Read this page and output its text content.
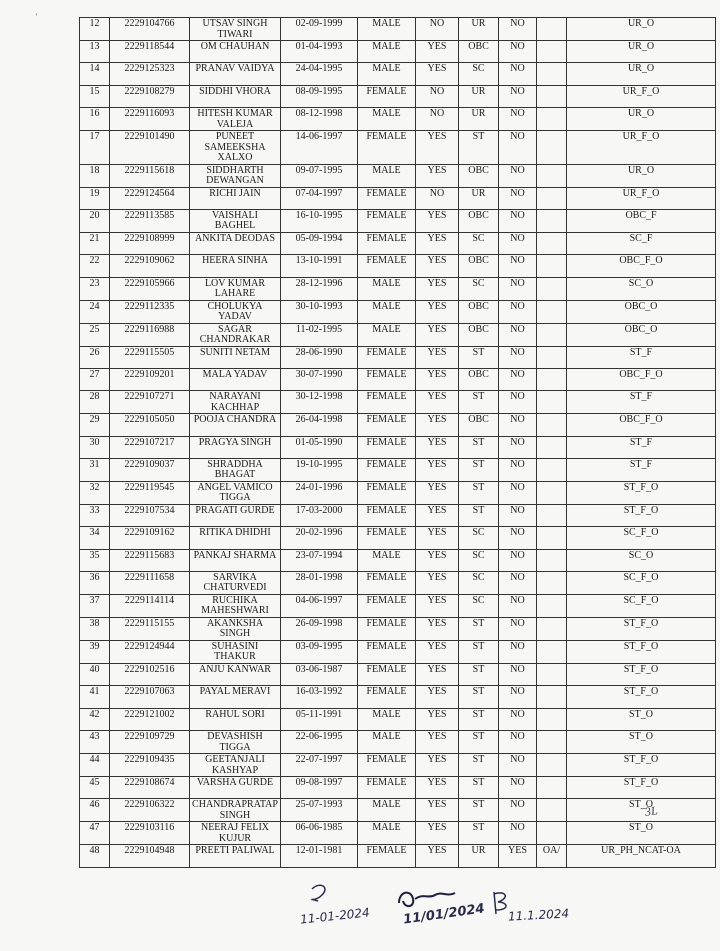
'
12	2229104766	UTSAV SINGH TIWARI	02-09-1999	MALE	NO	UR	NO		UR_O
13	2229118544	OM CHAUHAN	01-04-1993	MALE	YES	OBC	NO		UR_O
14	2229125323	PRANAV VAIDYA	24-04-1995	MALE	YES	SC	NO		UR_O
15	2229108279	SIDDHI VHORA	08-09-1995	FEMALE	NO	UR	NO		UR_F_O
16	2229116093	HITESH KUMAR VALEJA	08-12-1998	MALE	NO	UR	NO		UR_O
17	2229101490	PUNEET SAMEEKSHA XALXO	14-06-1997	FEMALE	YES	ST	NO		UR_F_O
18	2229115618	SIDDHARTH DEWANGAN	09-07-1995	MALE	YES	OBC	NO		UR_O
19	2229124564	RICHI JAIN	07-04-1997	FEMALE	NO	UR	NO		UR_F_O
20	2229113585	VAISHALI BAGHEL	16-10-1995	FEMALE	YES	OBC	NO		OBC_F
21	2229108999	ANKITA DEODAS	05-09-1994	FEMALE	YES	SC	NO		SC_F
22	2229109062	HEERA SINHA	13-10-1991	FEMALE	YES	OBC	NO		OBC_F_O
23	2229105966	LOV KUMAR LAHARE	28-12-1996	MALE	YES	SC	NO		SC_O
24	2229112335	CHOLUKYA YADAV	30-10-1993	MALE	YES	OBC	NO		OBC_O
25	2229116988	SAGAR CHANDRAKAR	11-02-1995	MALE	YES	OBC	NO		OBC_O
26	2229115505	SUNITI NETAM	28-06-1990	FEMALE	YES	ST	NO		ST_F
27	2229109201	MALA YADAV	30-07-1990	FEMALE	YES	OBC	NO		OBC_F_O
28	2229107271	NARAYANI KACHHAP	30-12-1998	FEMALE	YES	ST	NO		ST_F
29	2229105050	POOJA CHANDRA	26-04-1998	FEMALE	YES	OBC	NO		OBC_F_O
30	2229107217	PRAGYA SINGH	01-05-1990	FEMALE	YES	ST	NO		ST_F
31	2229109037	SHRADDHA BHAGAT	19-10-1995	FEMALE	YES	ST	NO		ST_F
32	2229119545	ANGEL VAMICO TIGGA	24-01-1996	FEMALE	YES	ST	NO		ST_F_O
33	2229107534	PRAGATI GURDE	17-03-2000	FEMALE	YES	ST	NO		ST_F_O
34	2229109162	RITIKA DHIDHI	20-02-1996	FEMALE	YES	SC	NO		SC_F_O
35	2229115683	PANKAJ SHARMA	23-07-1994	MALE	YES	SC	NO		SC_O
36	2229111658	SARVIKA CHATURVEDI	28-01-1998	FEMALE	YES	SC	NO		SC_F_O
37	2229114114	RUCHIKA MAHESHWARI	04-06-1997	FEMALE	YES	SC	NO		SC_F_O
38	2229115155	AKANKSHA SINGH	26-09-1998	FEMALE	YES	ST	NO		ST_F_O
39	2229124944	SUHASINI THAKUR	03-09-1995	FEMALE	YES	ST	NO		ST_F_O
40	2229102516	ANJU KANWAR	03-06-1987	FEMALE	YES	ST	NO		ST_F_O
41	2229107063	PAYAL MERAVI	16-03-1992	FEMALE	YES	ST	NO		ST_F_O
42	2229121002	RAHUL SORI	05-11-1991	MALE	YES	ST	NO		ST_O
43	2229109729	DEVASHISH TIGGA	22-06-1995	MALE	YES	ST	NO		ST_O
44	2229109435	GEETANJALI KASHYAP	22-07-1997	FEMALE	YES	ST	NO		ST_F_O
45	2229108674	VARSHA GURDE	09-08-1997	FEMALE	YES	ST	NO		ST_F_O
46	2229106322	CHANDRAPRATAP SINGH	25-07-1993	MALE	YES	ST	NO		ST_O
47	2229103116	NEERAJ FELIX KUJUR	06-06-1985	MALE	YES	ST	NO		ST_O
48	2229104948	PREETI PALIWAL	12-01-1981	FEMALE	YES	UR	YES	OA/	UR_PH_NCAT-OA
11-01-2024 11/01/2024 11.1.2024
3L
